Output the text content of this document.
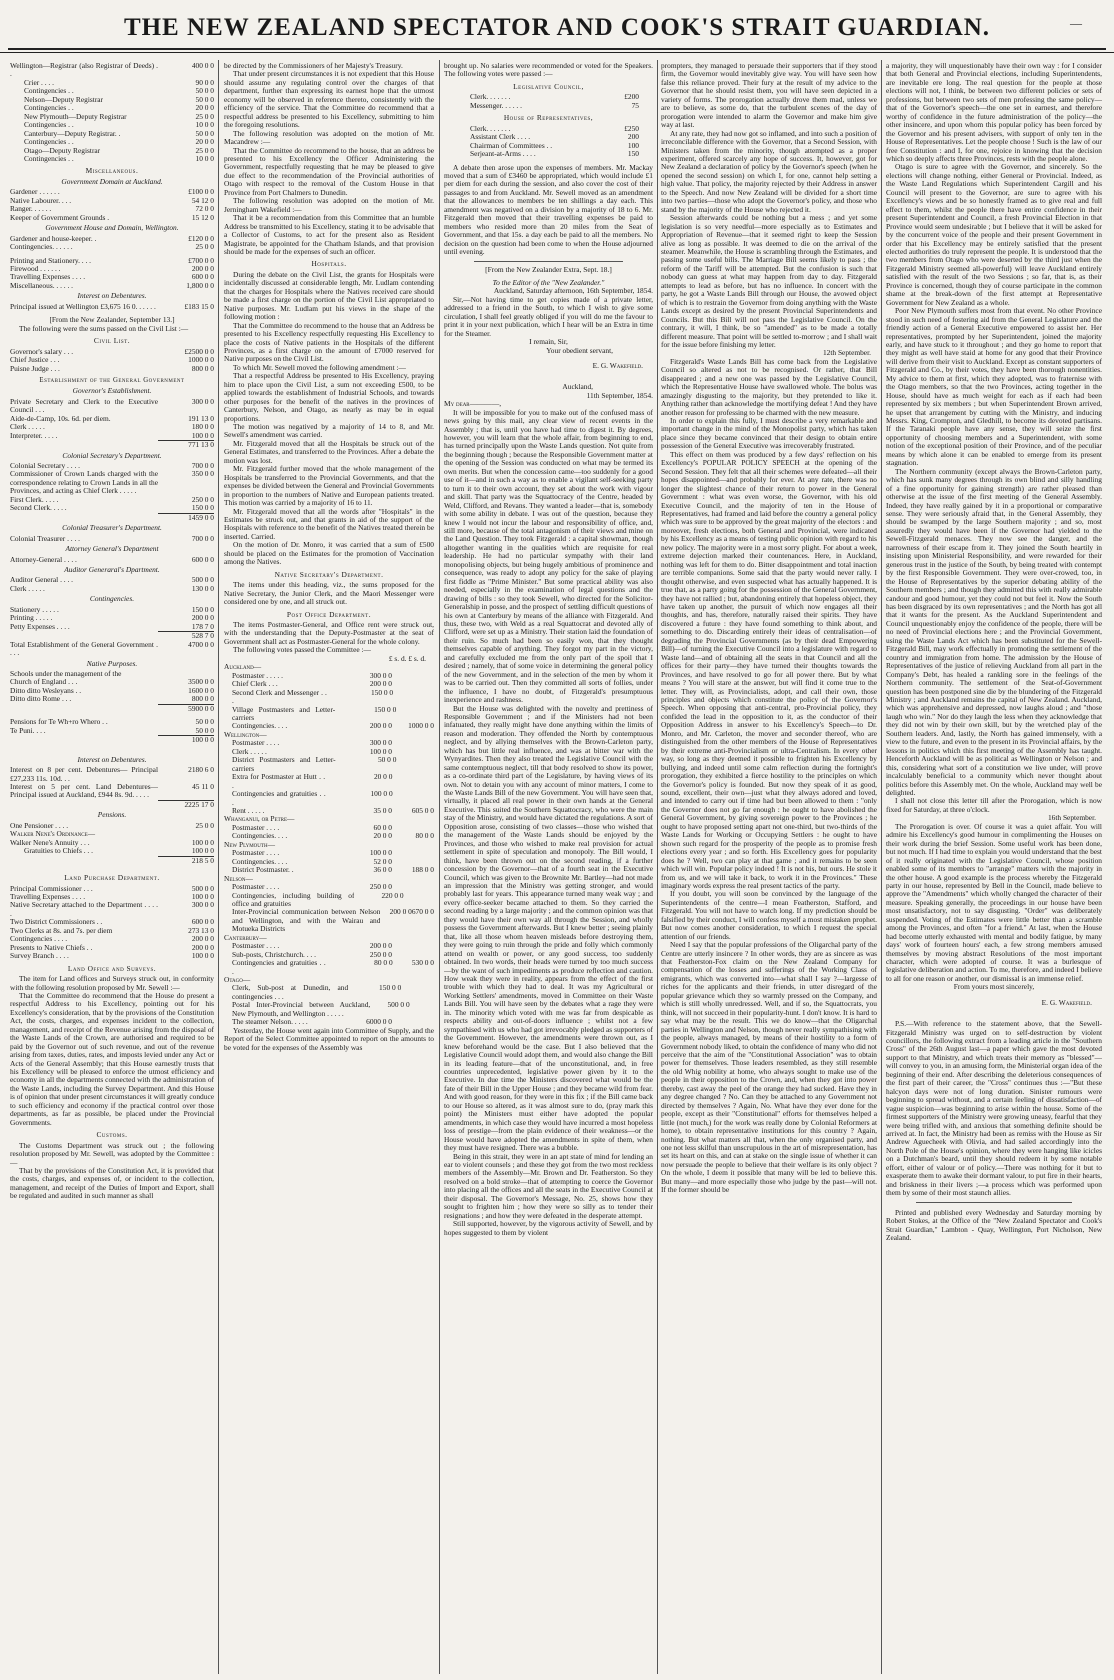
THE NEW ZEALAND SPECTATOR AND COOK'S STRAIT GUARDIAN.	—
Wellington—Registrar (also Registrar of Deeds) . .
400 0 0
Crier . . . .	90 0 0
Contingencies . .	50 0 0
Nelson—Deputy Registrar	50 0 0
Contingencies . .	20 0 0
New Plymouth—Deputy Registrar	25 0 0
Contingencies . .	10 0 0
Canterbury—Deputy Registrar. .	50 0 0
Contingencies . .	20 0 0
Otago—Deputy Registrar	25 0 0
Contingencies . .	10 0 0
Miscellaneous.
Government Domain at Auckland.
Gardener . . . . . .	£100 0 0
Native Labourer. . . .	54 12 0
Ranger. . . . . .	72 0 0
Keeper of Government Grounds .	15 12 0
Government House and Domain, Wellington.
Gardener and house-keeper. .	£120 0 0
Contingencies. . . . . .	25 0 0
Printing and Stationery. . . .	£700 0 0
Firewood . . . . . .	200 0 0
Travelling Expenses . . . .	600 0 0
Miscellaneous. . . . . .	1,800 0 0
Interest on Debentures.
Principal issued at Wellington £3,675 16 0. . . . . .	£183 15 0

[From the New Zealander, September 13.]

The following were the sums passed on the Civil List :—

Civil List.
Governor's salary . . .	£2500 0 0
Chief Justice . . .	1000 0 0
Puisne Judge . . .	800 0 0
Establishment of the General Government
Governor's Establishment.
Private Secretary and Clerk to the Executive Council . . .
300 0 0
Aide-de-Camp, 10s. 6d. per diem.	191 13 0
Clerk . . . . .	180 0 0
Interpreter. . . . .	100 0 0
771 13 0
Colonial Secretary's Department.
Colonial Secretary . . . .	700 0 0
Commissioner of Crown Lands charged with the correspondence relating to Crown Lands in all the Provinces, and acting as Chief Clerk . . . . .
350 0 0
First Clerk. . . . .	250 0 0
Second Clerk. . . . .	150 0 0
1459 0 0
Colonial Treasurer's Department.
Colonial Treasurer . . . .	700 0 0
Attorney General's Department
Attorney-General . . . .	600 0 0
Auditor Generaral's Dpartment.
Auditor General . . . .	500 0 0
Clerk . . . . .	130 0 0
Contingencies.
Stationery . . . . .	150 0 0
Printing . . . . .	200 0 0
Petty Expenses . . . .	178 7 0
528 7 0
Total Establishment of the General Government . . . .
4700 0 0
Native Purposes.

Schools under the management of the

Church of England . . .	3500 0 0
Ditto ditto Wesleyans . .	1600 0 0
Ditto ditto Rome . . .	800 0 0
5900 0 0
Pensions for Te Wh+ro Whero . .	50 0 0
Te Puni. . . .	50 0 0
100 0 0
Interest on Debentures.
Interest on 8 per cent. Debentures— Principal £27,233 11s. 10d. . .
2180 6 0
Interest on 5 per cent. Land Debentures—Principal issued at Auckland, £944 8s. 9d. . . . .
45 11 0
2225 17 0
Pensions.
One Pensioner . . . .	25 0 0

Walker Nene's Ordinance—

Walker Nene's Annuity . . .	100 0 0
Gratuities to Chiefs . . .	100 0 0
218 5 0
Land Purchase Department.
Principal Commissioner . . .	500 0 0
Travelling Expenses . . . .	100 0 0
Native Secretary attached to the Department . . . . .
300 0 0
Two District Commissioners . .	600 0 0
Two Clerks at 8s. and 7s. per diem	273 13 0
Contingencies . . . .	200 0 0
Presents to Native Chiefs . .	200 0 0
Survey Branch . . . .	100 0 0
Land Office and Surveys.

The item for Land offices and Surveys struck out, in conformity with the following resolution proposed by Mr. Sewell :—

That the Committee do recommend that the House do present a respectful Address to his Excellency, pointing out for his Excellency's consideration, that by the provisions of the Constitution Act, the costs, charges, and expenses incident to the collection, management, and receipt of the Revenue arising from the disposal of the Waste Lands of the Crown, are authorised and required to be paid by the Governor out of such revenue, and out of the revenue arising from taxes, duties, rates, and imposts levied under any Act or Acts of the General Assembly; that this House earnestly trusts that his Excellency will be pleased to enforce the utmost efficiency and economy in all the departments connected with the administration of the Waste Lands, including the Survey Department. And this House is of opinion that under present circumstances it will greatly conduce to such efficiency and economy if the practical control over those departments, as far as possible, be placed under the Provincial Governments.

Customs.

The Customs Department was struck out ; the following resolution proposed by Mr. Sewell, was adopted by the Committee :—

That by the provisions of the Constitution Act, it is provided that the costs, charges, and expenses of, or incident to the collection, management, and receipt of the Duties of Import and Export, shall be regulated and audited in such manner as shall

be directed by the Commissioners of her Majesty's Treasury.

That under present circumstances it is not expedient that this House should assume any regulating control over the charges of that department, further than expressing its earnest hope that the utmost economy will be observed in reference thereto, consistently with the efficiency of the service. That the Committee do recommend that a respectful address be presented to his Excellency, submitting to him the foregoing resolutions.

The following resolution was adopted on the motion of Mr. Macandrew :—

That the Committee do recommend to the house, that an address be presented to his Excellency the Officer Administering the Government, respectfully requesting that he may be pleased to give due effect to the recommendation of the Provincial authorities of Otago with respect to the removal of the Custom House in that Province from Port Chalmers to Dunedin.

The following resolution was adopted on the motion of Mr. Jerningham Wakefield :—

That it be a recommendation from this Committee that an humble Address be transmitted to his Excellency, stating it to be advisable that a Collector of Customs, to act for the present also as Resident Magistrate, be appointed for the Chatham Islands, and that provision should be made for the expenses of such an officer.

Hospitals.

During the debate on the Civil List, the grants for Hospitals were incidentally discussed at considerable length, Mr. Ludlam contending that the charges for Hospitals where the Natives received care should be made a first charge on the portion of the Civil List appropriated to Native purposes. Mr. Ludlam put his views in the shape of the following motion :

That the Committee do recommend to the house that an Address be presented to his Excellency respectfully requesting His Excellency to place the costs of Native patients in the Hospitals of the different Provinces, as a first charge on the amount of £7000 reserved for Native purposes on the Civil List.

To which Mr. Sewell moved the following amendment :—

That a respectful Address be presented to His Excellency, praying him to place upon the Civil List, a sum not exceeding £500, to be applied towards the establishment of Industrial Schools, and towards other purposes for the benefit of the natives in the provinces of Canterbury, Nelson, and Otago, as nearly as may be in equal proportions.

The motion was negatived by a majority of 14 to 8, and Mr. Sewell's amendment was carried.

Mr. Fitzgerald moved that all the Hospitals be struck out of the General Estimates, and transferred to the Provinces. After a debate the motion was lost.

Mr. Fitzgerald further moved that the whole management of the Hospitals be transferred to the Provincial Governments, and that the expenses be divided between the General and Provincial Governments in proportion to the numbers of Native and European patients treated. This motion was carried by a majority of 16 to 11.

Mr. Fitzgerald moved that all the words after "Hospitals" in the Estimates be struck out, and that grants in aid of the support of the Hospitals with reference to the benefit of the Natives treated therein be inserted. Carried.

On the motion of Dr. Monro, it was carried that a sum of £500 should be placed on the Estimates for the promotion of Vaccination among the Natives.

Native Secretary's Department.

The items under this heading, viz., the sums proposed for the Native Secretary, the Junior Clerk, and the Maori Messenger were considered one by one, and all struck out.

Post Office Department.

The items Postmaster-General, and Office rent were struck out, with the understanding that the Deputy-Postmaster at the seat of Government shall act as Postmaster-General for the whole colony.

The following votes passed the Committee :—

£ s. d. £ s. d.

Auckland—

Postmaster . . . . .	300 0 0
Chief Clerk . . .	200 0 0
Second Clerk and Messenger . . .
150 0 0
Village Postmasters and Letter-carriers
150 0 0
Contingencies. . . .	200 0 0	1000 0 0

Wellington—

Postmaster . . . .	300 0 0
Clerk . . . . .	100 0 0
District Postmasters and Letter-carriers
50 0 0
Extra for Postmaster at Hutt . . .
20 0 0
Contingencies and gratuities . . .
100 0 0
Rent . . . . .	35 0 0	605 0 0

Whanganui, or Petre—

Postmaster . . . .	60 0 0
Contingencies. . . .	20 0 0	80 0 0

New Plymouth—

Postmaster . . . .	100 0 0
Contingencies. . . .	52 0 0
District Postmaster. .	36 0 0	188 0 0

Nelson—

Postmaster . . . .	250 0 0
Contingencies, including building of office and gratuities
220 0 0
Inter-Provincial communication between Nelson and Wellington, and with the Wairau and Motueka Districts
200 0 0 670 0 0

Canterbury—

Postmaster . . . .	200 0 0
Sub-posts, Christchurch. . . .	250 0 0
Contingencies and gratuities . . .
80 0 0	530 0 0

Otago—

Clerk, Sub-post at Dunedin, and contingencies . . .
150 0 0
Postal Inter-Provincial between Auckland, New Plymouth, and Wellington . . . . .
500 0 0
The steamer Nelson. . . . .	6000 0 0

Yesterday, the House went again into Committee of Supply, and the Report of the Select Committee appointed to report on the amounts to be voted for the expenses of the Assembly was

brought up. No salaries were recommended or voted for the Speakers. The following votes were passed :—

Legislative Council,
Clerk. . . . . . .	£200
Messenger. . . . . .	75
House of Representatives,
Clerk. . . . . . .	£250
Assistant Clerk . . . .	200
Chairman of Committees . .	100
Serjeant-at-Arms . . . .	150

A debate then arose upon the expenses of members. Mr. Mackay moved that a sum of £3460 be appropriated, which would include £1 per diem for each during the session, and also cover the cost of their passages to and from Auckland. Mr. Sewell moved as an amendment that the allowances to members be ten shillings a day each. This amendment was negatived on a division by a majority of 18 to 6. Mr. Fitzgerald then moved that their travelling expenses be paid to members who resided more than 20 miles from the Seat of Government, and that 15s. a day each be paid to all the members. No decision on the question had been come to when the House adjourned until evening.

[From the New Zealander Extra, Sept. 18.]

To the Editor of the "New Zealander."

Auckland, Saturday afternoon, 16th September, 1854.

Sir,—Not having time to get copies made of a private letter, addressed to a friend in the South, to which I wish to give some circulation, I shall feel greatly obliged if you will do me the favour to print it in your next publication, which I hear will be an Extra in time for the Steamer.

I remain, Sir,

Your obedient servant,

E. G. Wakefield.

Auckland,

11th September, 1854.

My dear————,

It will be impossible for you to make out of the confused mass of news going by this mail, any clear view of recent events in the Assembly ; that is, until you have had time to digest it. By degrees, however, you will learn that the whole affair, from beginning to end, has turned principally upon the Waste Lands question. Not quite from the beginning though ; because the Responsible Government matter at the opening of the Session was conducted on what may be termed its own merits. But when the concession came—too suddenly for a good use of it—and in such a way as to enable a vigilant self-seeking party to turn it to their own account, they set about the work with vigour and skill. That party was the Squattocracy of the Centre, headed by Weld, Clifford, and Revans. They wanted a leader—that is, somebody with some ability in debate. I was out of the question, because they knew I would not incur the labour and responsibility of office, and, still more, because of the total antagonism of their views and mine on the Land Question. They took Fitzgerald : a capital showman, though altogether wanting in the qualities which are requisite for real leadership. He had no particular sympathy with their land monopolising objects, but being hugely ambitious of prominence and consequence, was ready to adopt any policy for the sake of playing first fiddle as "Prime Minister." But some practical ability was also needed, especially in the examination of legal questions and the drawing of bills : so they took Sewell, who directed for the Solicitor-Generalship in posse, and the prospect of settling difficult questions of his own at Canterbury by means of the alliance with Fitzgerald. And thus, these two, with Weld as a real Squattocrat and devoted ally of Clifford, were set up as a Ministry. Their station laid the foundation of their ruin. So much had been so easily won, that they thought themselves capable of anything. They forgot my part in the victory, and carefully excluded me from the only part of the spoil that I desired ; namely, that of some voice in determining the general policy of the new Government, and in the selection of the men by whom it was to be carried out. Then they committed all sorts of follies, under the influence, I have no doubt, of Fitzgerald's presumptuous inexperience and rashness.

But the House was delighted with the novelty and prettiness of Responsible Government ; and if the Ministers had not been infatuated, they really might have done anything within the limits of reason and moderation. They offended the North by contemptuous neglect, and by allying themselves with the Brown-Carleton party, which has but little real influence, and was at bitter war with the Wynyardites. Then they also treated the Legislative Council with the same contemptuous neglect, till that body resolved to show its power, as a co-ordinate third part of the Legislature, by having views of its own. Not to detain you with any account of minor matters, I come to the Waste Lands Bill of the new Government. You will have seen that, virtually, it placed all real power in their own hands at the General Executive. This suited the Southern Squattocracy, who were the main stay of the Ministry, and would have dictated the regulations. A sort of Opposition arose, consisting of two classes—those who wished that the management of the Waste Lands should be enjoyed by the Provinces, and those who wished to make real provision for actual settlement in spite of speculation and monopoly. The Bill would, I think, have been thrown out on the second reading, if a further concession by the Governor—that of a fourth seat in the Executive Council, which was given to the Brownite Mr. Bartley—had not made an impression that the Ministry was getting stronger, and would probably last for years. This appearance turned many weak way ; and every office-seeker became attached to them. So they carried the second reading by a large majority ; and the common opinion was that they would have their own way all through the Session, and wholly possess the Government afterwards. But I knew better ; seeing plainly that, like all those whom heaven misleads before destroying them, they were going to ruin through the pride and folly which commonly attend on wealth or power, or any good success, too suddenly obtained. In two words, their heads were turned by too much success—by the want of such impediments as produce reflection and caution. How weak they were in reality, appears from the effect of the first trouble with which they had to deal. It was my Agricultural or Working Settlers' amendments, moved in Committee on their Waste Lands Bill. You will have seen by the debates what a rage they were in. The minority which voted with me was far from despicable as respects ability and out-of-doors influence ; whilst not a few sympathised with us who had got irrevocably pledged as supporters of the Government. However, the amendments were thrown out, as I knew beforehand would be the case. But I also believed that the Legislative Council would adopt them, and would also change the Bill in its leading feature—that of the unconstitutional, and, in free countries unprecedented, legislative power given by it to the Executive. In due time the Ministers discovered what would be the fate of their Bill in the Upper House ; and they became wild from fear. And with good reason, for they were in this fix ; if the Bill came back to our House so altered, as it was almost sure to do, (pray mark this point) the Ministers must either have adopted the popular amendments, in which case they would have incurred a most hopeless loss of prestige—from the plain evidence of their weakness—or the House would have adopted the amendments in spite of them, when they must have resigned. There was a bubble.

Being in this strait, they were in an apt state of mind for lending an ear to violent counsels ; and these they got from the two most reckless members of the Assembly—Mr. Brown and Dr. Featherston. So they resolved on a bold stroke—that of attempting to coerce the Governor into placing all the offices and all the seats in the Executive Council at their disposal. The Governor's Message, No. 25, shows how they sought to frighten him ; how they were so silly as to tender their resignations ; and how they were defeated in the desperate attempt.

Still supported, however, by the vigorous activity of Sewell, and by hopes suggested to them by violent

prompters, they managed to persuade their supporters that if they stood firm, the Governor would inevitably give way. You will have seen how false this reliance proved. Their fury at the result of my advice to the Governor that he should resist them, you will have seen depicted in a variety of forms. The prorogation actually drove them mad, unless we are to believe, as some do, that the turbulent scenes of the day of prorogation were intended to alarm the Governor and make him give way at last.

At any rate, they had now got so inflamed, and into such a position of irreconcilable difference with the Governor, that a Second Session, with Ministers taken from the minority, though attempted as a proper experiment, offered scarcely any hope of success. It, however, got for New Zealand a declaration of policy by the Governor's speech (when he opened the second session) on which I, for one, cannot help setting a high value. That policy, the majority rejected by their Address in answer to the Speech. And now New Zealand will be divided for a short time into two parties—those who adopt the Governor's policy, and those who stand by the majority of the House who rejected it.

Session afterwards could be nothing but a mess ; and yet some legislation is so very needful—more especially as to Estimates and Appropriation of Revenue—that it seemed right to keep the Session alive as long as possible. It was deemed to die on the arrival of the steamer. Meanwhile, the House is scrambling through the Estimates, and passing some useful bills. The Marriage Bill seems likely to pass ; the reform of the Tariff will be attempted. But the confusion is such that nobody can guess at what may happen from day to day. Fitzgerald attempts to lead as before, but has no influence. In concert with the party, he got a Waste Lands Bill through our House, the avowed object of which is to restrain the Governor from doing anything with the Waste Lands except as desired by the present Provincial Superintendents and Councils. But this Bill will not pass the Legislative Council. On the contrary, it will, I think, be so "amended" as to be made a totally different measure. That point will be settled to-morrow ; and I shall wait for the issue before finishing my letter.

12th September.

Fitzgerald's Waste Lands Bill has come back from the Legislative Council so altered as not to be recognised. Or rather, that Bill disappeared ; and a new one was passed by the Legislative Council, which the Representative House have swallowed whole. The bolus was amazingly disgusting to the majority, but they pretended to like it. Anything rather than acknowledge the mortifying defeat ! And they have another reason for professing to be charmed with the new measure.

In order to explain this fully, I must describe a very remarkable and important change in the mind of the Monopolist party, which has taken place since they became convinced that their design to obtain entire possession of the General Executive was irrecoverably frustrated.

This effect on them was produced by a few days' reflection on his Excellency's POPULAR POLICY SPEECH at the opening of the Second Session. They felt that all their schemes were defeated—all their hopes disappointed—and probably for ever. At any rate, there was no longer the slightest chance of their return to power in the General Government : what was even worse, the Governor, with his old Executive Council, and the majority of ten in the House of Representatives, had framed and laid before the country a general policy which was sure to be approved by the great majority of the electors : and moreover, fresh elections, both General and Provincial, were indicated by his Excellency as a means of testing public opinion with regard to his new policy. The majority were in a most sorry plight. For about a week, extreme dejection marked their countenances. Here, in Auckland, nothing was left for them to do. Bitter disappointment and total inaction are terrible companions. Some said that the party would never rally. I thought otherwise, and even suspected what has actually happened. It is true that, as a party going for the possession of the General Government, they have not rallied ; but, abandoning entirely that hopeless object, they have taken up another, the pursuit of which now engages all their thoughts, and has, therefore, naturally raised their spirits. They have discovered a future : they have found something to think about, and something to do. Discarding entirely their ideas of centralisation—of degrading the Provincial Governments (as by their dead Empowering Bill)—of turning the Executive Council into a legislature with regard to Waste land—and of obtaining all the seats in that Council and all the offices for their party—they have turned their thoughts towards the Provinces, and have resolved to go for all power there. But by what means ? You will stare at the answer, but will find it come true to the letter. They will, as Provincialists, adopt, and call their own, those principles and objects which constitute the policy of the Governor's Speech. When opposing that anti-central, pro-Provincial policy, they confided the lead in the opposition to it, as the conductor of their Opposition Address in answer to his Excellency's Speech—to Dr. Monro, and Mr. Carleton, the mover and seconder thereof, who are distinguished from the other members of the House of Representatives by their extreme anti-Provincialism or ultra-Centralism. In every other way, so long as they deemed it possible to frighten his Excellency by bullying, and indeed until some calm reflection during the fortnight's prorogation, they exhibited a fierce hostility to the principles on which the Governor's policy is founded. But now they speak of it as good, sound, excellent, their own—just what they always adored and loved, and intended to carry out if time had but been allowed to them : "only the Governor does not go far enough : he ought to have abolished the General Government, by giving sovereign power to the Provinces ; he ought to have proposed setting apart not one-third, but two-thirds of the Waste Lands for Working or Occupying Settlers : he ought to have shown such regard for the prosperity of the people as to promise fresh elections every year ; and so forth. His Excellency goes for popularity does he ? Well, two can play at that game ; and it remains to be seen which will win. Popular policy indeed ! It is not his, but ours. He stole it from us, and we will take it back, to work it in the Provinces." These imaginary words express the real present tactics of the party.

If you doubt, you will soon be convinced by the language of the Superintendents of the centre—I mean Featherston, Stafford, and Fitzgerald. You will not have to watch long. If my prediction should be falsified by their conduct, I will confess myself a most mistaken prophet. But now comes another consideration, to which I request the special attention of our friends.

Need I say that the popular professions of the Oligarchal party of the Centre are utterly insincere ? In other words, they are as sincere as was that Featherston-Fox claim on the New Zealand Company for compensation of the losses and sufferings of the Working Class of emigrants, which was converted into—what shall I say ?—largesse of riches for the applicants and their friends, in utter disregard of the popular grievance which they so warmly pressed on the Company, and which is still wholly unredressed. Well, and if so, the Squattocrats, you think, will not succeed in their popularity-hunt. I don't know. It is hard to say what may be the result. This we do know—that the Oligarchal parties in Wellington and Nelson, though never really sympathising with the people, always managed, by means of their hostility to a form of Government nobody liked, to obtain the confidence of many who did not perceive that the aim of the "Constitutional Association" was to obtain power for themselves. Those leaders resembled, as they still resemble the old Whig nobility at home, who always sought to make use of the people in their opposition to the Crown, and, when they got into power thereby, cast away the peel of the orange they had sucked. Have they in any degree changed ? No. Can they be attached to any Government not directed by themselves ? Again, No. What have they ever done for the people, except as their "Constitutional" efforts for themselves helped a little (not much,) for the work was really done by Colonial Reformers at home), to obtain representative institutions for this country ? Again, nothing. But what matters all that, when the only organised party, and one not less skilful than unscrupulous in the art of misrepresentation, has set its heart on this, and can at stake on the single issue of whether it can now persuade the people to believe that their welfare is its only object ? On the whole, I deem it possible that many will be led to believe this. But many—and more especially those who judge by the past—will not. If the former should be

a majority, they will unquestionably have their own way : for I consider that both General and Provincial elections, including Superintendents, are inevitable ere long. The real question for the people at those elections will not, I think, be between two different policies or sets of professions, but between two sets of men professing the same policy—that of the Governor's speech—the one set in earnest, and therefore worthy of confidence in the future administration of the policy—the other insincere, and upon whom this popular policy has been forced by the Governor and his present advisers, with support of only ten in the House of Representatives. Let the people choose ! Such is the law of our free Constitution : and I, for one, rejoice in knowing that the decision which so deeply affects three Provinces, rests with the people alone.

Otago is sure to agree with the Governor, and sincerely. So the elections will change nothing, either General or Provincial. Indeed, as the Waste Land Regulations which Superintendent Cargill and his Council will present to the Governor, are sure to agree with his Excellency's views and be so honestly framed as to give real and full effect to them, whilst the people there have entire confidence in their present Superintendent and Council, a fresh Provincial Election in that Province would seem undesirable ; but I believe that it will be asked for by the concurrent voice of the people and their present Government in order that his Excellency may be entirely satisfied that the present elected authorities do truly represent the people. It is understood that the two members from Otago who were deserted by the third just when the Fitzgerald Ministry seemed all-powerful) will leave Auckland entirely satisfied with the result of the two Sessions ; so far, that is, as their Province is concerned, though they of course participate in the common shame at the break-down of the first attempt at Representative Government for New Zealand as a whole.

Poor New Plymouth suffers most from that event. No other Province stood in such need of fostering aid from the General Legislature and the friendly action of a General Executive empowered to assist her. Her representatives, prompted by her Superintendent, joined the majority early, and have stuck to it throughout ; and they go home to report that they might as well have staid at home for any good that their Province will derive from their visit to Auckland. Except as constant supporters of Fitzgerald and Co., by their votes, they have been thorough nonentities. My advice to them at first, which they adopted, was to fraternise with the Otago members, so that the two Provinces, acting together in the House, should have as much weight for each as if each had been represented by six members ; but when Superintendent Brown arrived, he upset that arrangement by cutting with the Ministry, and inducing Messrs. King, Crompton, and Gledhill, to become its devoted partisans. If the Taranaki people have any sense, they will seize the first opportunity of choosing members and a Superintendent, with some notion of the exceptional position of their Province, and of the peculiar means by which alone it can be enabled to emerge from its present stagnation.

The Northern community (except always the Brown-Carleton party, which has sunk many degrees through its own blind and silly handling of a fine opportunity for gaining strength) are rather pleased than otherwise at the issue of the first meeting of the General Assembly. Indeed, they have really gained by it in a proportional or comparative sense. They were seriously afraid that, in the General Assembly, they should be swamped by the large Southern majority ; and so, most assuredly they would have been if the Governor had yielded to the Sewell-Fitzgerald menaces. They now see the danger, and the narrowness of their escape from it. They joined the South heartily in insisting upon Ministerial Responsibility, and were rewarded for their generous trust in the justice of the South, by being treated with contempt by the first Responsible Government. They were over-crowed, too, in the House of Representatives by the superior debating ability of the Southern members ; and though they admitted this with really admirable candour and good humour, yet they could not but feel it. Now the South has been disgraced by its own representatives ; and the North has got all that it wants for the present. As the Auckland Superintendent and Council unquestionably enjoy the confidence of the people, there will be no need of Provincial elections here ; and the Provincial Government, using the Waste Lands Act which has been substituted for the Sewell-Fitzgerald Bill, may work effectually in promoting the settlement of the country and immigration from home. The admission by the House of Representatives of the justice of relieving Auckland from all part in the Company's Debt, has healed a rankling sore in the feelings of the Northern community. The settlement of the Seat-of-Government question has been postponed sine die by the blundering of the Fitzgerald Ministry ; and Auckland remains the capital of New Zealand. Auckland, which was apprehensive and depressed, now laughs aloud ; and "those laugh who win." Nor do they laugh the less when they acknowledge that they did not win by their own skill, but by the wretched play of the Southern leaders. And, lastly, the North has gained immensely, with a view to the future, and even to the present in its Provincial affairs, by the lessons in politics which this first meeting of the Assembly has taught. Henceforth Auckland will be as political as Wellington or Nelson ; and this, considering what sort of a constitution we live under, will prove incalculably beneficial to a community which never thought about politics before this Assembly met. On the whole, Auckland may well be delighted.

I shall not close this letter till after the Prorogation, which is now fixed for Saturday, at three o'clock.

16th September.

The Prorogation is over. Of course it was a quiet affair. You will admire his Excellency's good humour in complimenting the Houses on their work during the brief Session. Some useful work has been done, but not much. If I had time to explain you would understand that the best of it really originated with the Legislative Council, whose position enabled some of its members to "arrange" matters with the majority in the other house. A good example is the process whereby the Fitzgerald party in our house, represented by Bell in the Council, made believe to approve the "Amendments" which wholly changed the character of their measure. Speaking generally, the proceedings in our house have been most unsatisfactory, not to say disgusting. "Order" was deliberately suspended. Voting of the Estimates were little better than a scramble among the Provinces, and often "for a friend." At last, when the House had become utterly exhausted with mental and bodily fatigue, by many days' work of fourteen hours' each, a few strong members amused themselves by moving abstract Resolutions of the most important character, which were adopted of course. It was a burlesque of legislative deliberation and action. To me, therefore, and indeed I believe to all for one reason or another, our dismissal is an immense relief.

From yours most sincerely,

E. G. Wakefield.

P.S.—With reference to the statement above, that the Sewell-Fitzgerald Ministry was urged on to self-destruction by violent councillors, the following extract from a leading article in the "Southern Cross" of the 26th August last—a paper which gave the most devoted support to that Ministry, and which treats their memory as "blessed"—will convey to you, in an amusing form, the Ministerial organ idea of the beginning of their end. After describing the deleterious consequences of the first part of their career, the "Cross" continues thus :—"But these halcyon days were not of long duration. Sinister rumours were beginning to spread without, and a certain feeling of dissatisfaction—of vague suspicion—was beginning to arise within the house. Some of the firmest supporters of the Ministry were growing uneasy, fearful that they were being trifled with, and anxious that something definite should be arrived at. In fact, the Ministry had been as remiss with the House as Sir Andrew Aguecheek with Olivia, and had sailed accordingly into the North Pole of the House's opinion, where they were hanging like icicles on a Dutchman's beard, until they should redeem it by some notable effort, either of valour or of policy.—There was nothing for it but to exasperate them to awake their dormant valour, to put fire in their hearts, and briskness in their livers ;—a process which was performed upon them by some of their most staunch allies.

Printed and published every Wednesday and Saturday morning by Robert Stokes, at the Office of the "New Zealand Spectator and Cook's Strait Guardian," Lambton - Quay, Wellington, Port Nicholson, New Zealand.
